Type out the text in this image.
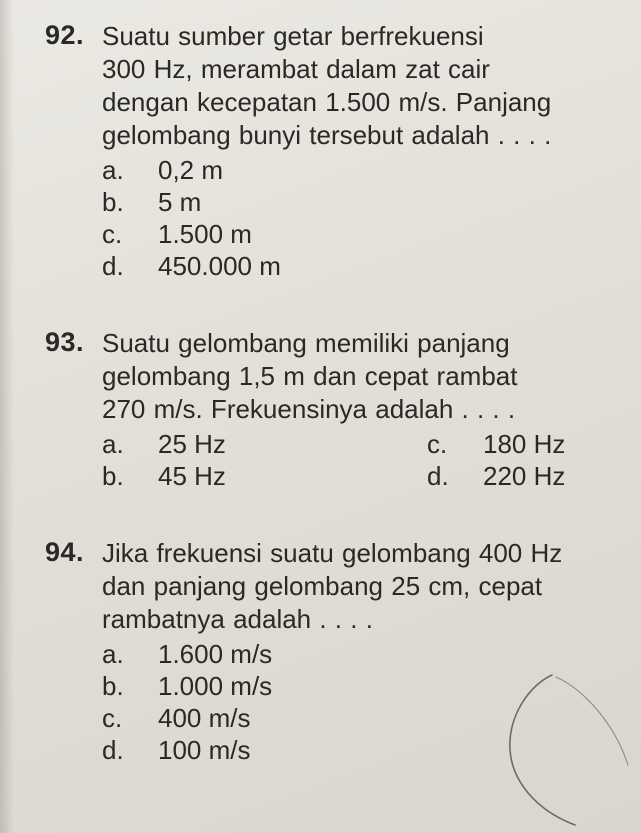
92. Suatu sumber getar berfrekuensi
300 Hz, merambat dalam zat cair
dengan kecepatan 1.500 m/s. Panjang
gelombang bunyi tersebut adalah . . . .
a.	0,2 m
b.	5 m
c.	1.500 m
d.	450.000 m
93. Suatu gelombang memiliki panjang
gelombang 1,5 m dan cepat rambat
270 m/s. Frekuensinya adalah . . . .
a.	25 Hz	c.	180 Hz
b.	45 Hz	d.	220 Hz
94. Jika frekuensi suatu gelombang 400 Hz
dan panjang gelombang 25 cm, cepat
rambatnya adalah . . . .
a.	1.600 m/s
b.	1.000 m/s
c.	400 m/s
d.	100 m/s
